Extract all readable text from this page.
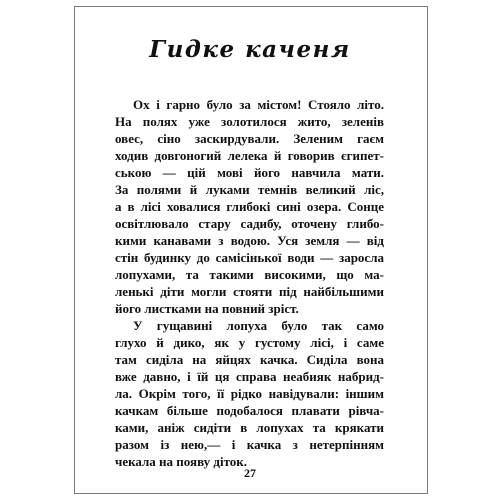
Гидке каченя
Ох і гарно було за містом! Стояло літо.
На полях уже золотилося жито, зеленів
овес, сіно заскирдували. Зеленим гаєм
ходив довгоногий лелека й говорив єгипет-
ською — цій мові його навчила мати.
За полями й луками темнів великий ліс,
а в лісі ховалися глибокі сині озера. Сонце
освітлювало стару садибу, оточену глибо-
кими канавами з водою. Уся земля — від
стін будинку до самісінької води — заросла
лопухами, та такими високими, що ма-
ленькі діти могли стояти під найбільшими
його листками на повний зріст.
У гущавині лопуха було так само
глухо й дико, як у густому лісі, і саме
там сиділа на яйцях качка. Сиділа вона
вже давно, і їй ця справа неабияк набрид-
ла. Окрім того, її рідко навідували: іншим
качкам більше подобалося плавати рівча-
ками, аніж сидіти в лопухах та крякати
разом із нею,— і качка з нетерпінням
чекала на появу діток.
27
